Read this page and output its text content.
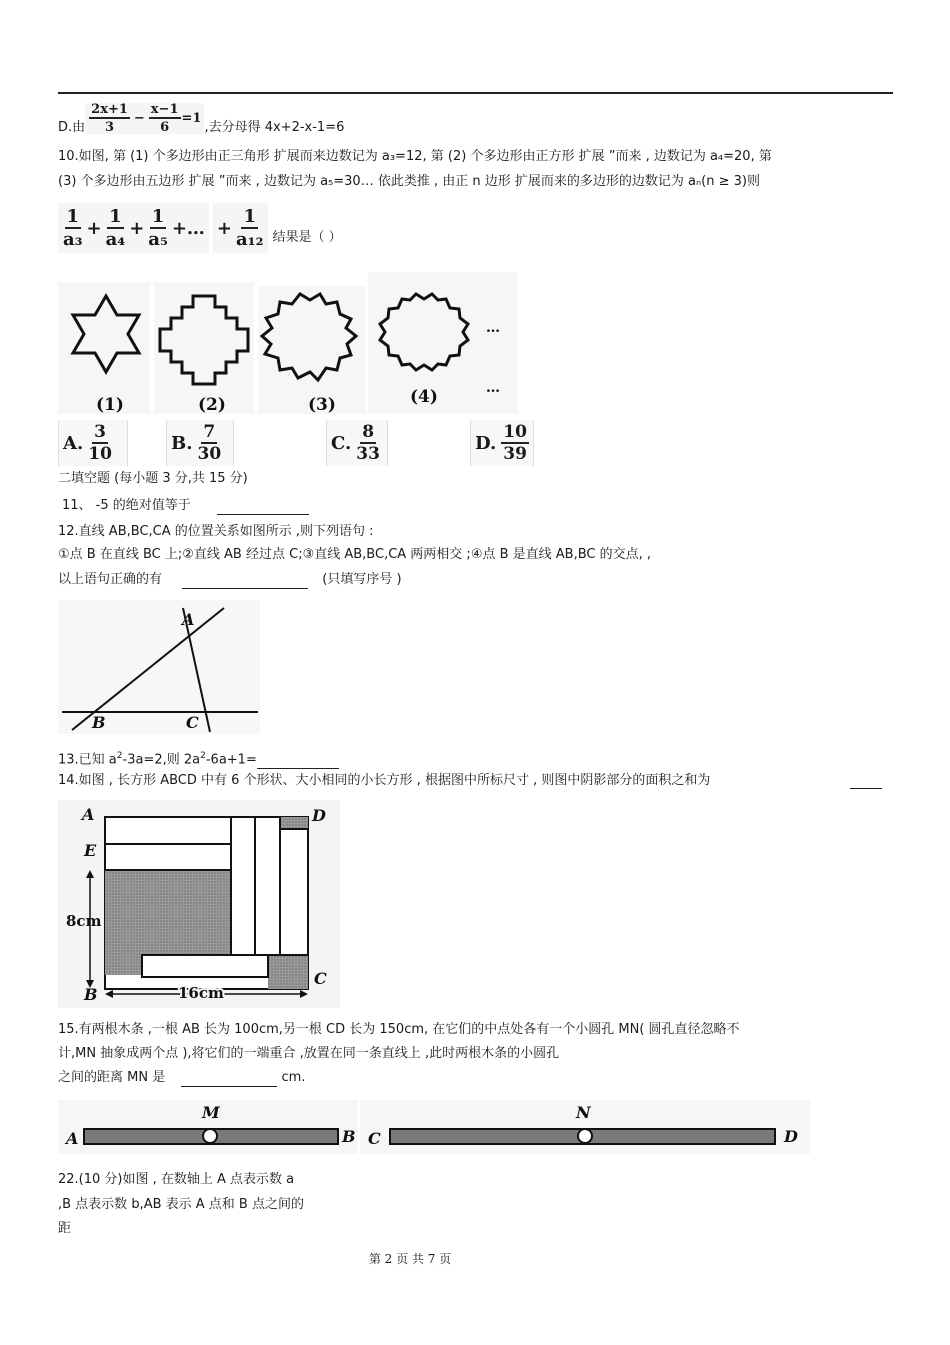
D.由 $\frac{2x+1}{3} - \frac{x-1}{6} =1$
,去分母得 4x+2-x-1=6
10.如图, 第 (1) 个多边形由正三角形 扩展而来边数记为 a₃=12, 第 (2) 个多边形由正方形 扩展 ”而来 , 边数记为 a₄=20, 第
(3) 个多边形由五边形 扩展 ”而来 , 边数记为 a₅=30… 依此类推 , 由正 n 边形 扩展而来的多边形的边数记为 aₙ(n ≥ 3)则
$\frac{1}{\text{a₃}} + \frac{1}{\text{a₄}} + \frac{1}{\text{a₅}}$ +… + $\frac{1}{\text{a₁₂}}$ 结果是（ ）
…
…
(1)	(2)	(3)	(4)
A. $\frac{3}{10}$	B. $\frac{7}{30}$	C. $\frac{8}{33}$	D. $\frac{10}{39}$
二填空题 (每小题 3 分,共 15 分)
11、 -5 的绝对值等于
12.直线 AB,BC,CA 的位置关系如图所示 ,则下列语句 :
①点 B 在直线 BC 上;②直线 AB 经过点 C;③直线 AB,BC,CA 两两相交 ;④点 B 是直线 AB,BC 的交点, ,
以上语句正确的有	(只填写序号 )
A
B	C
13.已知 $a^2-3a=2$,则 $2a^2-6a+1=$
14.如图 , 长方形 ABCD 中有 6 个形状、大小相同的小长方形 , 根据图中所标尺寸 , 则图中阴影部分的面积之和为
A	D
E
8cm
B
C
16cm
15.有两根木条 ,一根 AB 长为 100cm,另一根 CD 长为 150cm, 在它们的中点处各有一个小圆孔 MN( 圆孔直径忽略不
计,MN 抽象成两个点 ),将它们的一端重合 ,放置在同一条直线上 ,此时两根木条的小圆孔
之间的距离 MN 是	cm.
A	B
M
C	D
N
22.(10 分)如图 , 在数轴上 A 点表示数 a
,B 点表示数 b,AB 表示 A 点和 B 点之间的
距
第 2 页 共 7 页
